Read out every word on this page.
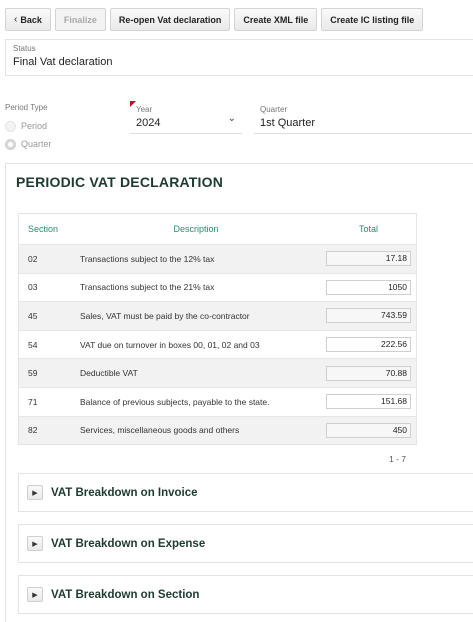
‹ Back Finalize Re-open Vat declaration Create XML file Create IC listing file
Status
Final Vat declaration
Period Type
Period
Quarter
Year
2024	⌄
Quarter
1st Quarter
PERIODIC VAT DECLARATION
Section	Description	Total
02	Transactions subject to the 12% tax	17.18
03	Transactions subject to the 21% tax	1050
45	Sales, VAT must be paid by the co-contractor	743.59
54	VAT due on turnover in boxes 00, 01, 02 and 03	222.56
59	Deductible VAT	70.88
71	Balance of previous subjects, payable to the state.	151.68
82	Services, miscellaneous goods and others	450
1 - 7
▶	VAT Breakdown on Invoice
▶	VAT Breakdown on Expense
▶	VAT Breakdown on Section
